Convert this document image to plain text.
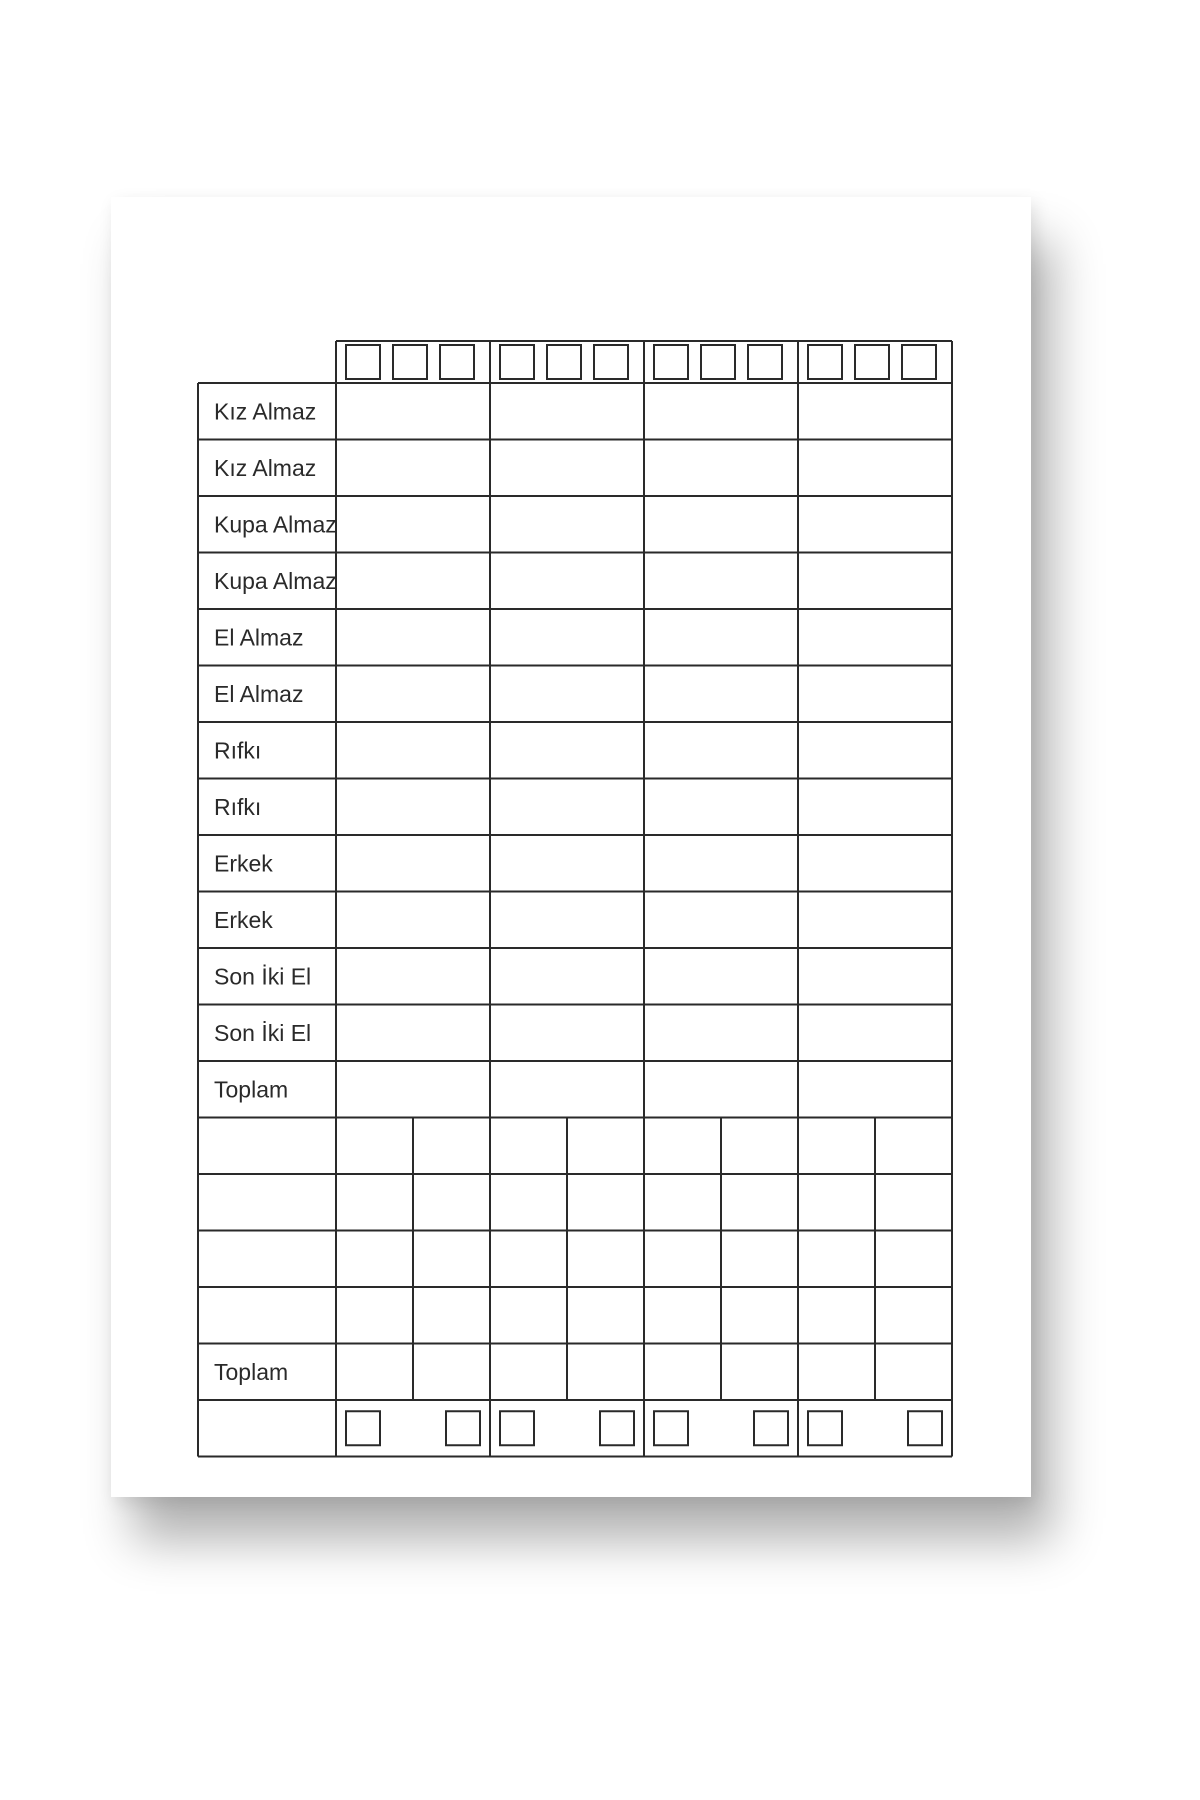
Kız Almaz
Kız Almaz
Kupa Almaz
Kupa Almaz
El Almaz
El Almaz
Rıfkı
Rıfkı
Erkek
Erkek
Son İki El
Son İki El
Toplam
Toplam
